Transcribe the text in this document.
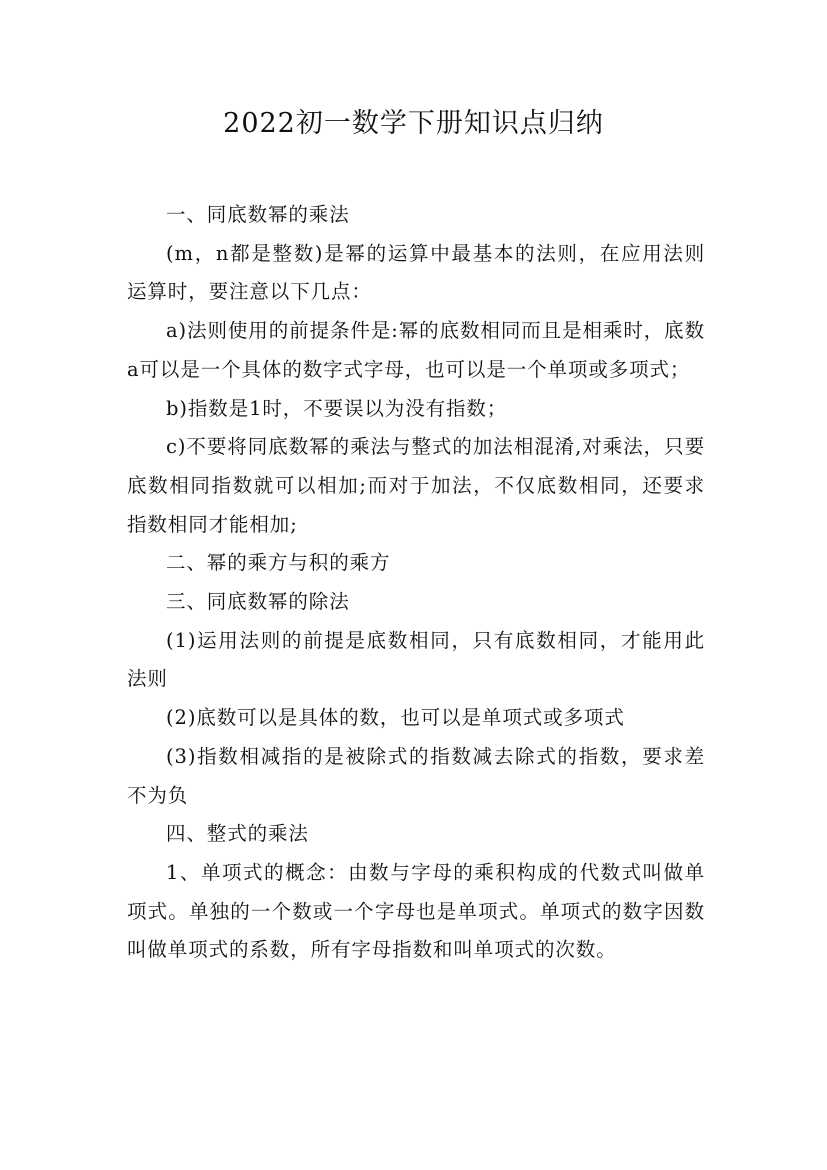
2022初一数学下册知识点归纳

一、同底数幂的乘法

(m，n都是整数)是幂的运算中最基本的法则，在应用法则运算时，要注意以下几点：

a)法则使用的前提条件是:幂的底数相同而且是相乘时，底数a可以是一个具体的数字式字母，也可以是一个单项或多项式；

b)指数是1时，不要误以为没有指数；

c)不要将同底数幂的乘法与整式的加法相混淆,对乘法，只要底数相同指数就可以相加;而对于加法，不仅底数相同，还要求指数相同才能相加;

二、幂的乘方与积的乘方

三、同底数幂的除法

(1)运用法则的前提是底数相同，只有底数相同，才能用此法则

(2)底数可以是具体的数，也可以是单项式或多项式

(3)指数相减指的是被除式的指数减去除式的指数，要求差不为负

四、整式的乘法

1、单项式的概念：由数与字母的乘积构成的代数式叫做单项式。单独的一个数或一个字母也是单项式。单项式的数字因数叫做单项式的系数，所有字母指数和叫单项式的次数。
